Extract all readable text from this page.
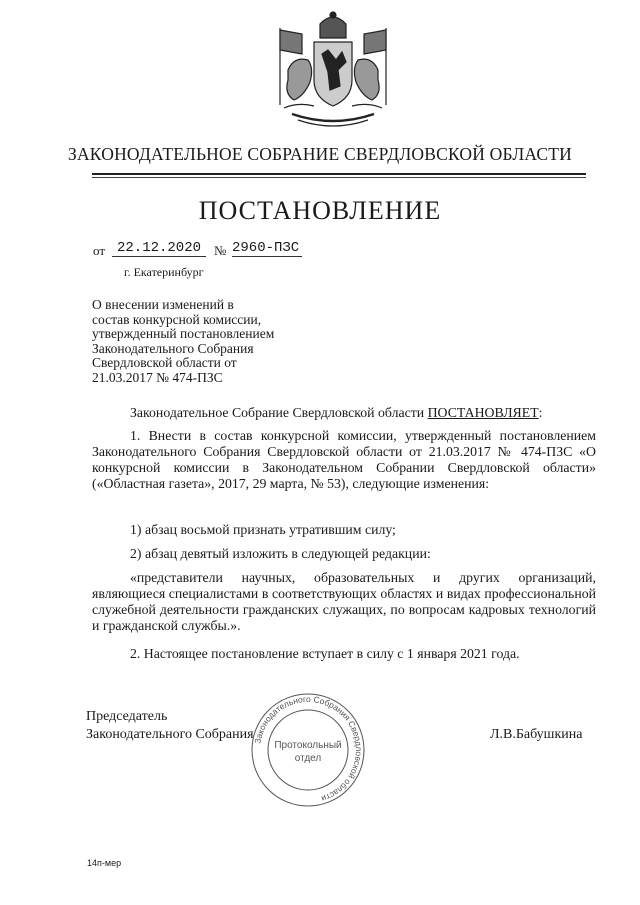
ЗАКОНОДАТЕЛЬНОЕ СОБРАНИЕ СВЕРДЛОВСКОЙ ОБЛАСТИ
ПОСТАНОВЛЕНИЕ
от 22.12.2020	№ 2960-ПЗС
г. Екатеринбург
О внесении изменений в
состав конкурсной комиссии,
утвержденный постановлением
Законодательного Собрания
Свердловской области от
21.03.2017 № 474-ПЗС
Законодательное Собрание Свердловской области ПОСТАНОВЛЯЕТ:
1. Внести в состав конкурсной комиссии, утвержденный постановлением Законодательного Собрания Свердловской области от 21.03.2017 № 474-ПЗС «О конкурсной комиссии в Законодательном Собрании Свердловской области» («Областная газета», 2017, 29 марта, № 53), следующие изменения:
1) абзац восьмой признать утратившим силу;
2) абзац девятый изложить в следующей редакции:
«представители научных, образовательных и других организаций, являющиеся специалистами в соответствующих областях и видах профессиональной служебной деятельности гражданских служащих, по вопросам кадровых технологий и гражданской службы.».
2. Настоящее постановление вступает в силу с 1 января 2021 года.
Председатель
Законодательного Собрания	Л.В.Бабушкина
Законодательного Собрания Свердловской области
Протокольный
отдел
14п-мер
